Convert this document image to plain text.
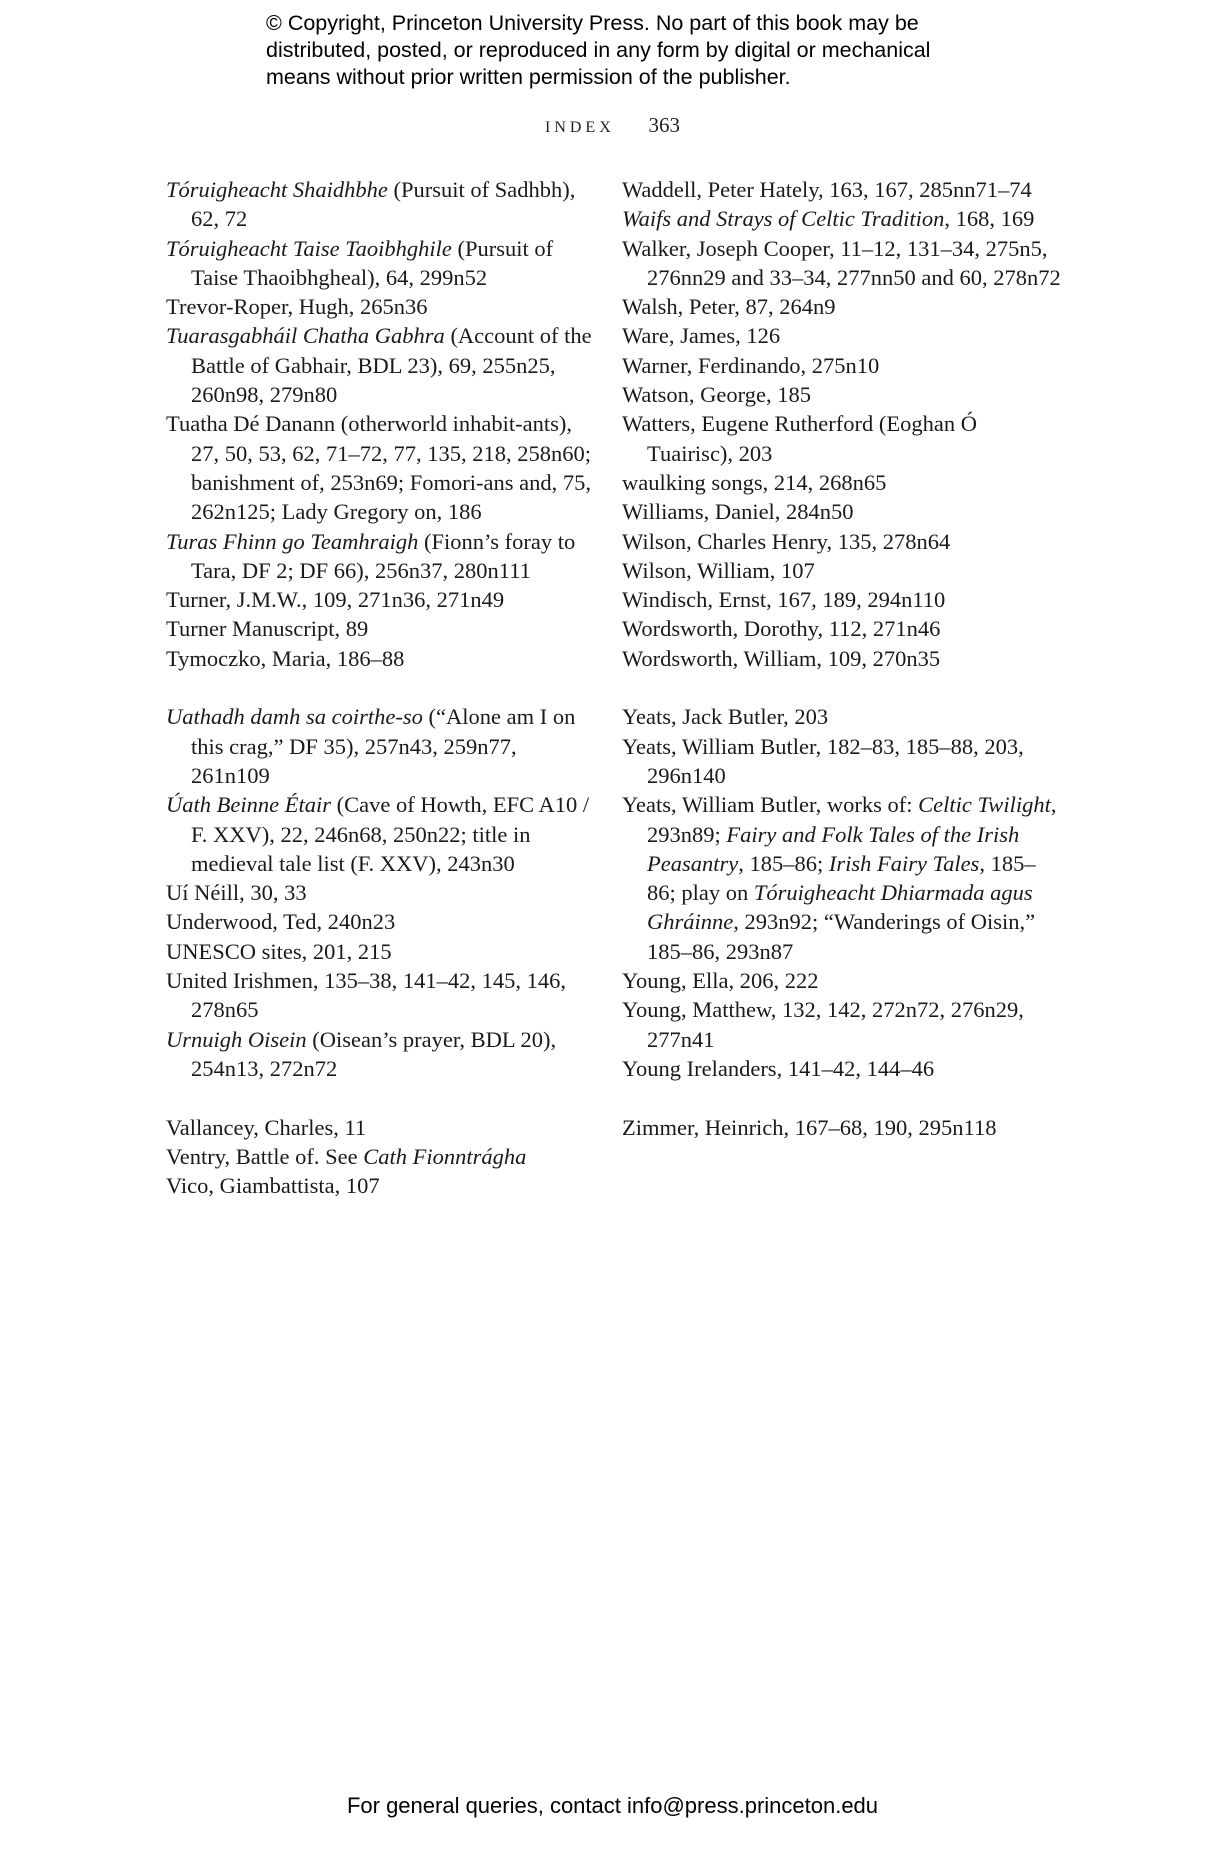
© Copyright, Princeton University Press. No part of this book may be
distributed, posted, or reproduced in any form by digital or mechanical
means without prior written permission of the publisher.
INDEX 363
Tóruigheacht Shaidhbhe (Pursuit of Sadhbh), 62, 72
Tóruigheacht Taise Taoibhghile (Pursuit of Taise Thaoibhgheal), 64, 299n52
Trevor-Roper, Hugh, 265n36
Tuarasgabháil Chatha Gabhra (Account of the Battle of Gabhair, BDL 23), 69, 255n25, 260n98, 279n80
Tuatha Dé Danann (otherworld inhabit-ants), 27, 50, 53, 62, 71–72, 77, 135, 218, 258n60; banishment of, 253n69; Fomori-ans and, 75, 262n125; Lady Gregory on, 186
Turas Fhinn go Teamhraigh (Fionn’s foray to Tara, DF 2; DF 66), 256n37, 280n111
Turner, J.M.W., 109, 271n36, 271n49
Turner Manuscript, 89
Tymoczko, Maria, 186–88
Uathadh damh sa coirthe-so (“Alone am I on this crag,” DF 35), 257n43, 259n77, 261n109
Úath Beinne Étair (Cave of Howth, EFC A10 / F. XXV), 22, 246n68, 250n22; title in medieval tale list (F. XXV), 243n30
Uí Néill, 30, 33
Underwood, Ted, 240n23
UNESCO sites, 201, 215
United Irishmen, 135–38, 141–42, 145, 146, 278n65
Urnuigh Oisein (Oisean’s prayer, BDL 20), 254n13, 272n72
Vallancey, Charles, 11
Ventry, Battle of. See Cath Fionntrágha
Vico, Giambattista, 107
Waddell, Peter Hately, 163, 167, 285nn71–74
Waifs and Strays of Celtic Tradition, 168, 169
Walker, Joseph Cooper, 11–12, 131–34, 275n5, 276nn29 and 33–34, 277nn50 and 60, 278n72
Walsh, Peter, 87, 264n9
Ware, James, 126
Warner, Ferdinando, 275n10
Watson, George, 185
Watters, Eugene Rutherford (Eoghan Ó Tuairisc), 203
waulking songs, 214, 268n65
Williams, Daniel, 284n50
Wilson, Charles Henry, 135, 278n64
Wilson, William, 107
Windisch, Ernst, 167, 189, 294n110
Wordsworth, Dorothy, 112, 271n46
Wordsworth, William, 109, 270n35
Yeats, Jack Butler, 203
Yeats, William Butler, 182–83, 185–88, 203, 296n140
Yeats, William Butler, works of: Celtic Twilight, 293n89; Fairy and Folk Tales of the Irish Peasantry, 185–86; Irish Fairy Tales, 185–86; play on Tóruigheacht Dhiarmada agus Ghráinne, 293n92; “Wanderings of Oisin,” 185–86, 293n87
Young, Ella, 206, 222
Young, Matthew, 132, 142, 272n72, 276n29, 277n41
Young Irelanders, 141–42, 144–46
Zimmer, Heinrich, 167–68, 190, 295n118
For general queries, contact info@press.princeton.edu
